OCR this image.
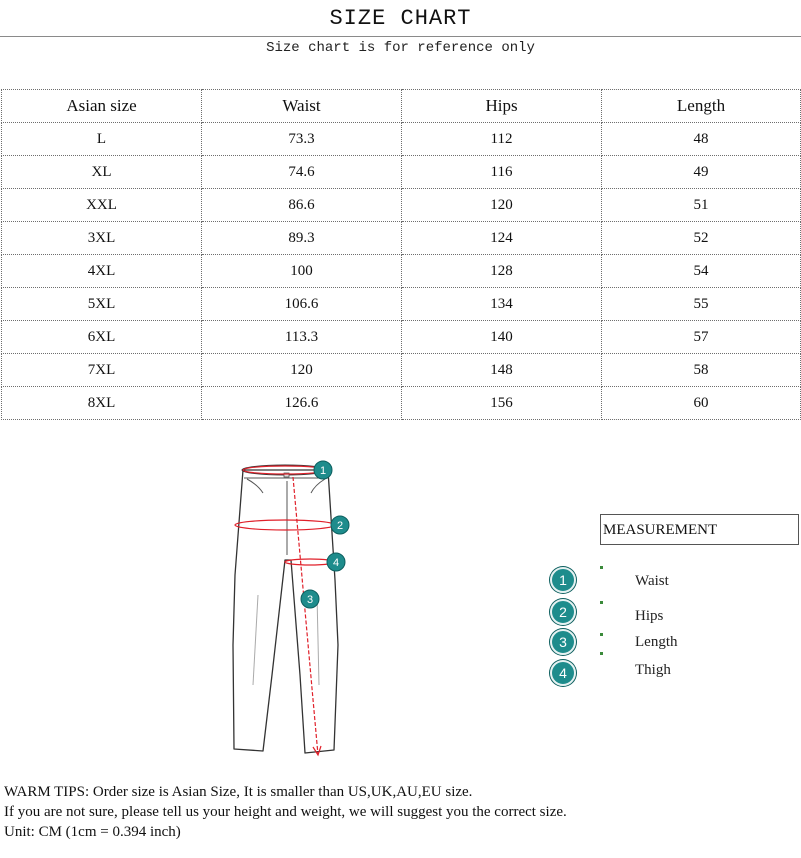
SIZE CHART
Size chart is for reference only
Asian size	Waist	Hips	Length
L	73.3	112	48
XL	74.6	116	49
XXL	86.6	120	51
3XL	89.3	124	52
4XL	100	128	54
5XL	106.6	134	55
6XL	113.3	140	57
7XL	120	148	58
8XL	126.6	156	60
1
2
4
3
MEASUREMENT
1	Waist
2	Hips
3	Length
4	Thigh
WARM TIPS: Order size is Asian Size, It is smaller than US,UK,AU,EU size.
If you are not sure, please tell us your height and weight, we will suggest you the correct size.
Unit: CM (1cm = 0.394 inch)
